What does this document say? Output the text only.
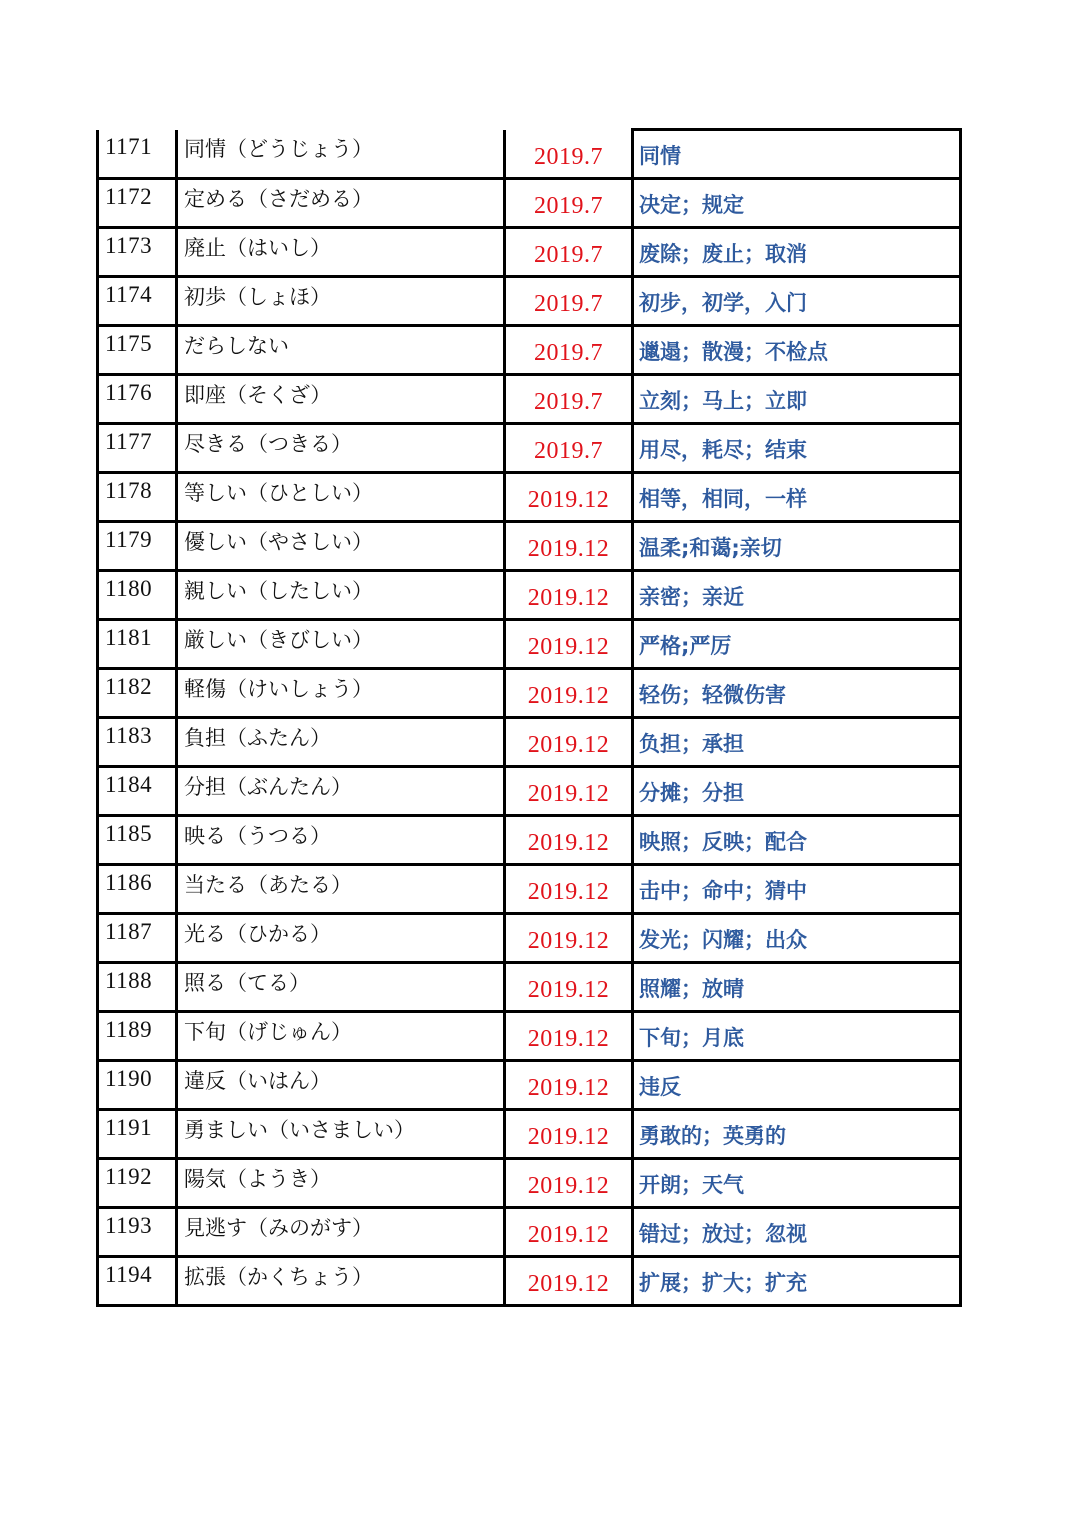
1171	同情（どうじょう）	2019.7	同情
1172	定める（さだめる）	2019.7	决定；规定
1173	廃止（はいし）	2019.7	废除；废止；取消
1174	初歩（しょほ）	2019.7	初步，初学，入门
1175	だらしない	2019.7	邋遢；散漫；不检点
1176	即座（そくざ）	2019.7	立刻；马上；立即
1177	尽きる（つきる）	2019.7	用尽，耗尽；结束
1178	等しい（ひとしい）	2019.12	相等，相同，一样
1179	優しい（やさしい）	2019.12	温柔;和蔼;亲切
1180	親しい（したしい）	2019.12	亲密；亲近
1181	厳しい（きびしい）	2019.12	严格;严厉
1182	軽傷（けいしょう）	2019.12	轻伤；轻微伤害
1183	負担（ふたん）	2019.12	负担；承担
1184	分担（ぶんたん）	2019.12	分摊；分担
1185	映る（うつる）	2019.12	映照；反映；配合
1186	当たる（あたる）	2019.12	击中；命中；猜中
1187	光る（ひかる）	2019.12	发光；闪耀；出众
1188	照る（てる）	2019.12	照耀；放晴
1189	下旬（げじゅん）	2019.12	下旬；月底
1190	違反（いはん）	2019.12	违反
1191	勇ましい（いさましい）	2019.12	勇敢的；英勇的
1192	陽気（ようき）	2019.12	开朗；天气
1193	見逃す（みのがす）	2019.12	错过；放过；忽视
1194	拡張（かくちょう）	2019.12	扩展；扩大；扩充
